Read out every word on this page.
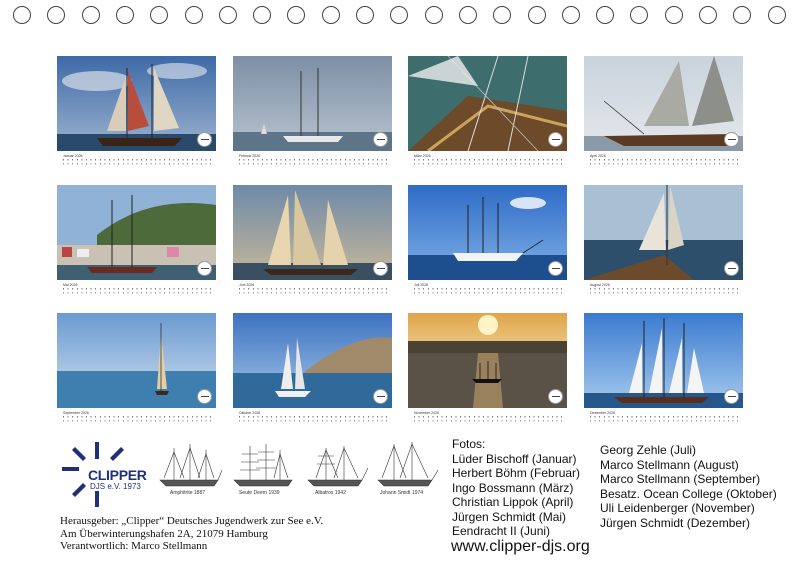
Januar 2026	Februar 2026	März 2026	April 2026
Mai 2026	Juni 2026	Juli 2026	August 2026
September 2026	Oktober 2026	November 2026	Dezember 2026
CLIPPER
DJS e.V. 1973
Amphitrite 1887	Seute Deern 1939	Albatros 1942	Johann Smidt 1974
Herausgeber: „Clipper“ Deutsches Jugendwerk zur See e.V.
Am Überwinterungshafen 2A, 21079 Hamburg
Verantwortlich: Marco Stellmann
Fotos:
Lüder Bischoff (Januar)
Herbert Böhm (Februar)
Ingo Bossmann (März)
Christian Lippok (April)
Jürgen Schmidt (Mai)
Eendracht II (Juni)
Georg Zehle (Juli)
Marco Stellmann (August)
Marco Stellmann (September)
Besatz. Ocean College (Oktober)
Uli Leidenberger (November)
Jürgen Schmidt (Dezember)
www.clipper-djs.org
